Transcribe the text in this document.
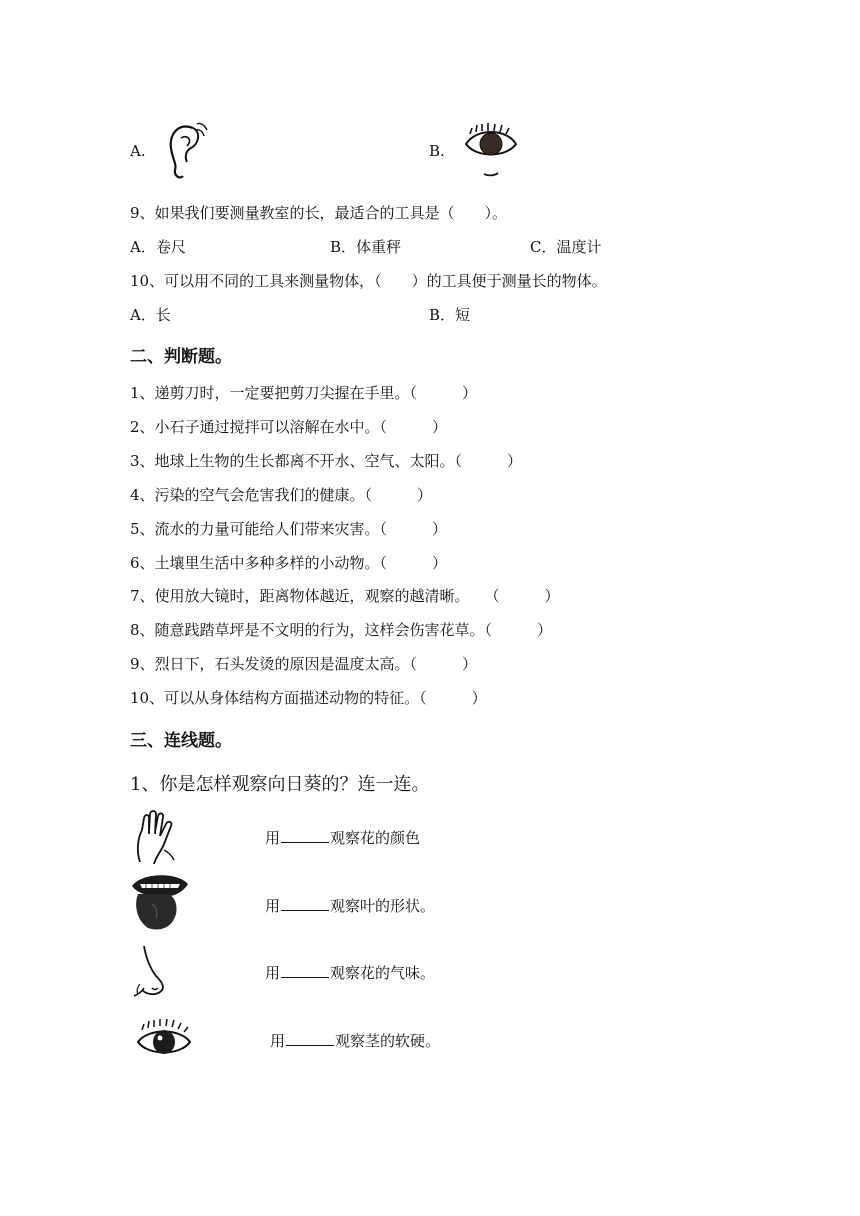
A.	B.
9、如果我们要测量教室的长，最适合的工具是（　　）。
A．卷尺	B．体重秤	C．温度计
10、可以用不同的工具来测量物体，（　　）的工具便于测量长的物体。
A．长	B．短
二、判断题。
1、递剪刀时，一定要把剪刀尖握在手里。（　　　）
2、小石子通过搅拌可以溶解在水中。（　　　）
3、地球上生物的生长都离不开水、空气、太阳。（　　　）
4、污染的空气会危害我们的健康。（　　　）
5、流水的力量可能给人们带来灾害。（　　　）
6、土壤里生活中多种多样的小动物。（　　　）
7、使用放大镜时，距离物体越近，观察的越清晰。　　（　　　）
8、随意践踏草坪是不文明的行为，这样会伤害花草。（　　　）
9、烈日下，石头发烫的原因是温度太高。（　　　）
10、可以从身体结构方面描述动物的特征。（　　　）
三、连线题。
1、你是怎样观察向日葵的？连一连。
用	观察花的颜色
用	观察叶的形状。
用	观察花的气味。
用	观察茎的软硬。
